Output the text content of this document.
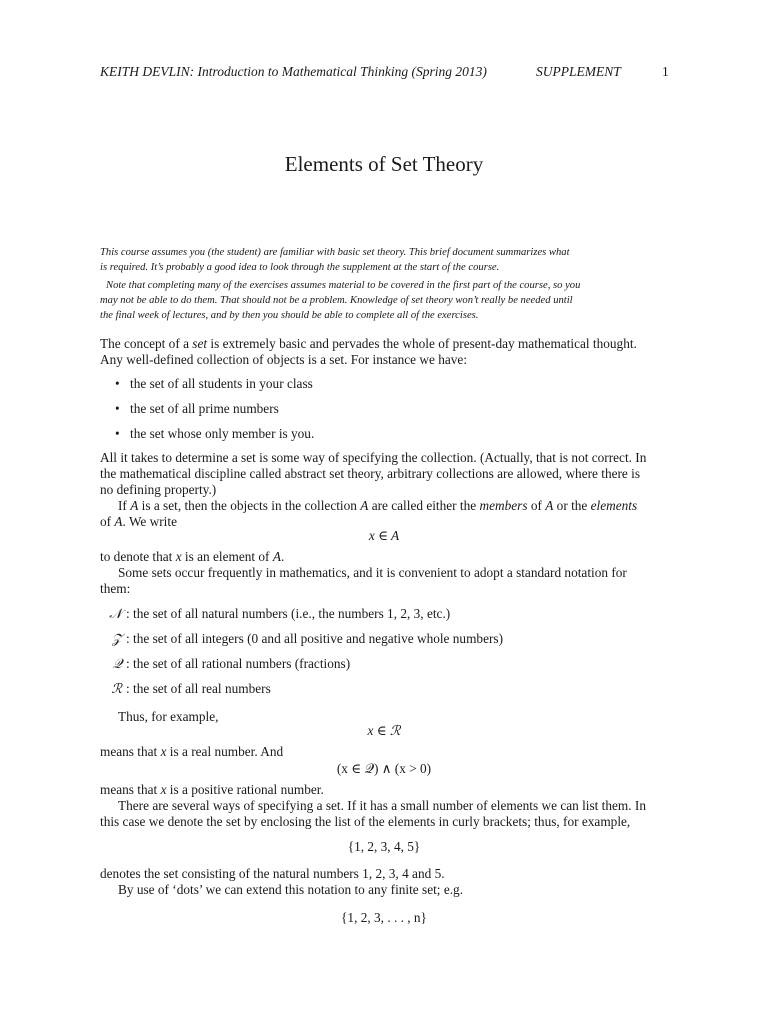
KEITH DEVLIN: Introduction to Mathematical Thinking (Spring 2013)	SUPPLEMENT	1
Elements of Set Theory
This course assumes you (the student) are familiar with basic set theory. This brief document summarizes what
is required. It’s probably a good idea to look through the supplement at the start of the course.
Note that completing many of the exercises assumes material to be covered in the first part of the course, so you
may not be able to do them. That should not be a problem. Knowledge of set theory won’t really be needed until
the final week of lectures, and by then you should be able to complete all of the exercises.
The concept of a set is extremely basic and pervades the whole of present-day mathematical thought.
Any well-defined collection of objects is a set. For instance we have:
• the set of all students in your class
• the set of all prime numbers
• the set whose only member is you.
All it takes to determine a set is some way of specifying the collection. (Actually, that is not correct. In
the mathematical discipline called abstract set theory, arbitrary collections are allowed, where there is
no defining property.)
If A is a set, then the objects in the collection A are called either the members of A or the elements
of A. We write
x ∈ A
to denote that x is an element of A.
Some sets occur frequently in mathematics, and it is convenient to adopt a standard notation for
them:
𝒩 : the set of all natural numbers (i.e., the numbers 1, 2, 3, etc.)
𝒵 : the set of all integers (0 and all positive and negative whole numbers)
𝒬 : the set of all rational numbers (fractions)
ℛ : the set of all real numbers
Thus, for example,
x ∈ ℛ
means that x is a real number. And
(x ∈ 𝒬) ∧ (x > 0)
means that x is a positive rational number.
There are several ways of specifying a set. If it has a small number of elements we can list them. In
this case we denote the set by enclosing the list of the elements in curly brackets; thus, for example,
{1, 2, 3, 4, 5}
denotes the set consisting of the natural numbers 1, 2, 3, 4 and 5.
By use of ‘dots’ we can extend this notation to any finite set; e.g.
{1, 2, 3, . . . , n}
